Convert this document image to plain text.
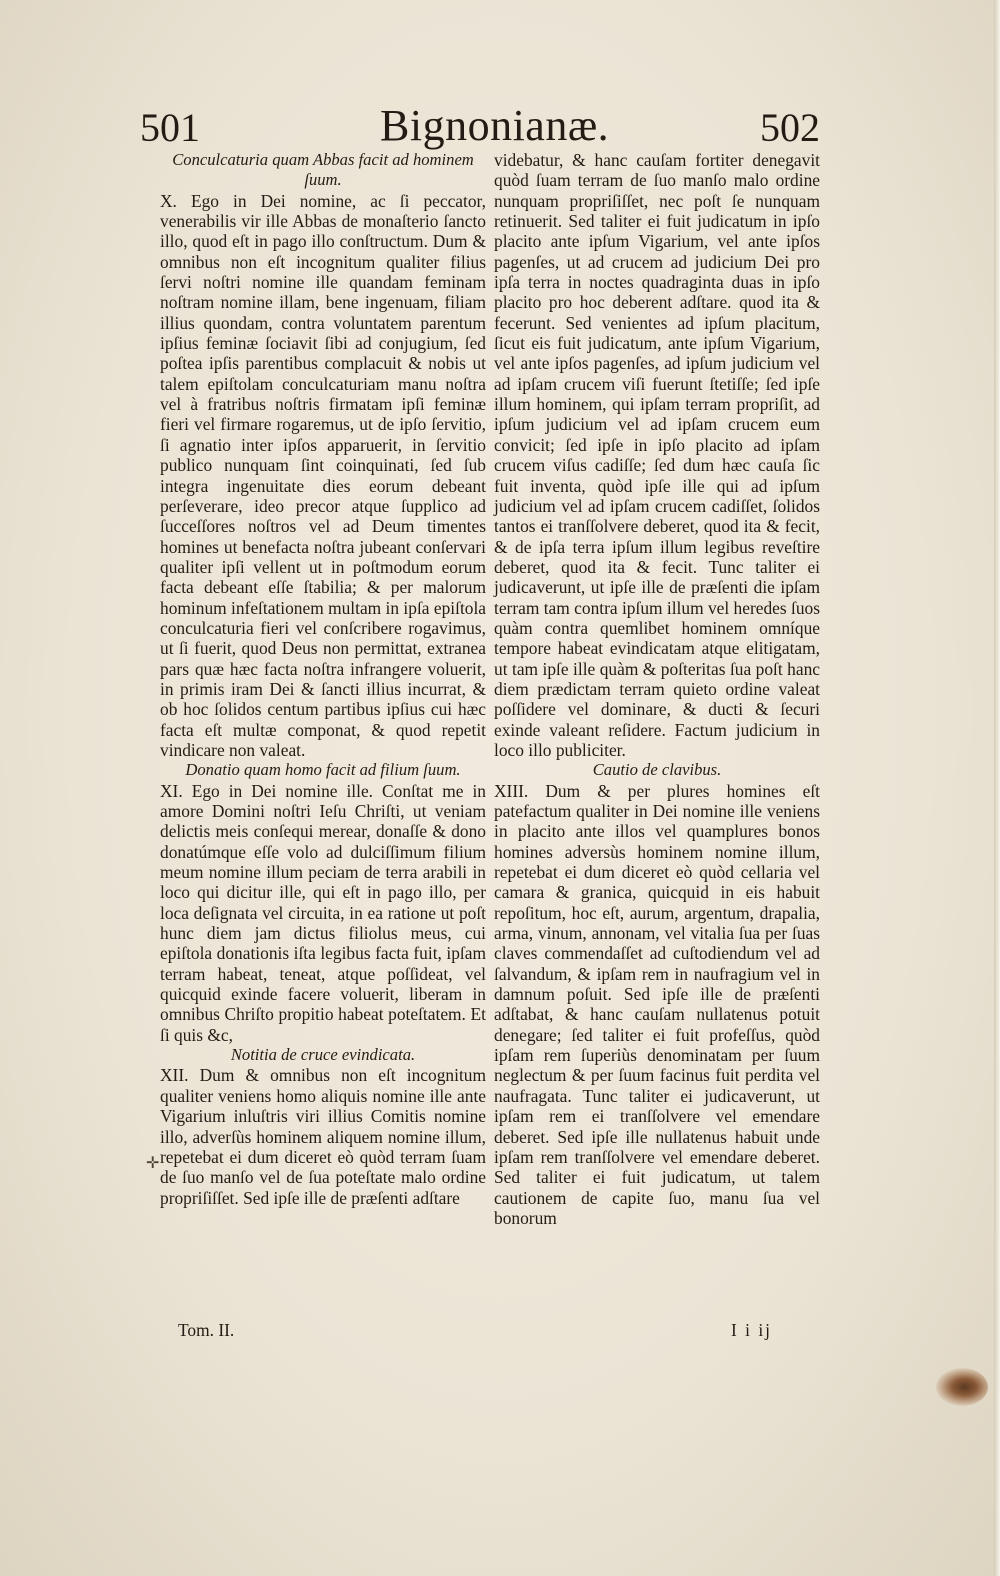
501	Bignonianæ.	502

Conculcaturia quam Abbas facit ad hominem ſuum.

X. Ego in Dei nomine, ac ſi peccator, venerabilis vir ille Abbas de monaſterio ſancto illo, quod eſt in pago illo conſtructum. Dum & omnibus non eſt incognitum qualiter filius ſervi noſtri nomine ille quandam feminam noſtram nomine illam, bene ingenuam, filiam illius quondam, contra voluntatem parentum ipſius feminæ ſociavit ſibi ad conjugium, ſed poſtea ipſis parentibus complacuit & nobis ut talem epiſtolam conculcaturiam manu noſtra vel à fratribus noſtris firmatam ipſi feminæ fieri vel firmare rogaremus, ut de ipſo ſervitio, ſi agnatio inter ipſos apparuerit, in ſervitio publico nunquam ſint coinquinati, ſed ſub integra ingenuitate dies eorum debeant perſeverare, ideo precor atque ſupplico ad ſucceſſores noſtros vel ad Deum timentes homines ut benefacta noſtra jubeant conſervari qualiter ipſi vellent ut in poſtmodum eorum facta debeant eſſe ſtabilia; & per malorum hominum infeſtationem multam in ipſa epiſtola conculcaturia fieri vel conſcribere rogavimus, ut ſi fuerit, quod Deus non permittat, extranea pars quæ hæc facta noſtra infrangere voluerit, in primis iram Dei & ſancti illius incurrat, & ob hoc ſolidos centum partibus ipſius cui hæc facta eſt multæ componat, & quod repetit vindicare non valeat.

Donatio quam homo facit ad filium ſuum.

XI. Ego in Dei nomine ille. Conſtat me in amore Domini noſtri Ieſu Chriſti, ut veniam delictis meis conſequi merear, donaſſe & dono donatúmque eſſe volo ad dulciſſimum filium meum nomine illum peciam de terra arabili in loco qui dicitur ille, qui eſt in pago illo, per loca deſignata vel circuita, in ea ratione ut poſt hunc diem jam dictus filiolus meus, cui epiſtola donationis iſta legibus facta fuit, ipſam terram habeat, teneat, atque poſſideat, vel quicquid exinde facere voluerit, liberam in omnibus Chriſto propitio habeat poteſtatem. Et ſi quis &c,

Notitia de cruce evindicata.

XII. Dum & omnibus non eſt incognitum qualiter veniens homo aliquis nomine ille ante Vigarium inluſtris viri illius Comitis nomine illo, adverſùs hominem aliquem nomine illum, repetebat ei dum diceret eò quòd terram ſuam de ſuo manſo vel de ſua poteſtate malo ordine propriſiſſet. Sed ipſe ille de præſenti adſtare

✛

videbatur, & hanc cauſam fortiter denegavit quòd ſuam terram de ſuo manſo malo ordine nunquam propriſiſſet, nec poſt ſe nunquam retinuerit. Sed taliter ei fuit judicatum in ipſo placito ante ipſum Vigarium, vel ante ipſos pagenſes, ut ad crucem ad judicium Dei pro ipſa terra in noctes quadraginta duas in ipſo placito pro hoc deberent adſtare. quod ita & fecerunt. Sed venientes ad ipſum placitum, ſicut eis fuit judicatum, ante ipſum Vigarium, vel ante ipſos pagenſes, ad ipſum judicium vel ad ipſam crucem viſi fuerunt ſtetiſſe; ſed ipſe illum hominem, qui ipſam terram propriſit, ad ipſum judicium vel ad ipſam crucem eum convicit; ſed ipſe in ipſo placito ad ipſam crucem viſus cadiſſe; ſed dum hæc cauſa ſic fuit inventa, quòd ipſe ille qui ad ipſum judicium vel ad ipſam crucem cadiſſet, ſolidos tantos ei tranſſolvere deberet, quod ita & fecit, & de ipſa terra ipſum illum legibus reveſtire deberet, quod ita & fecit. Tunc taliter ei judicaverunt, ut ipſe ille de præſenti die ipſam terram tam contra ipſum illum vel heredes ſuos quàm contra quemlibet hominem omníque tempore habeat evindicatam atque elitigatam, ut tam ipſe ille quàm & poſteritas ſua poſt hanc diem prædictam terram quieto ordine valeat poſſidere vel dominare, & ducti & ſecuri exinde valeant reſidere. Factum judicium in loco illo publiciter.

Cautio de clavibus.

XIII. Dum & per plures homines eſt patefactum qualiter in Dei nomine ille veniens in placito ante illos vel quamplures bonos homines adversùs hominem nomine illum, repetebat ei dum diceret eò quòd cellaria vel camara & granica, quicquid in eis habuit repoſitum, hoc eſt, aurum, argentum, drapalia, arma, vinum, annonam, vel vitalia ſua per ſuas claves commendaſſet ad cuſtodiendum vel ad ſalvandum, & ipſam rem in naufragium vel in damnum poſuit. Sed ipſe ille de præſenti adſtabat, & hanc cauſam nullatenus potuit denegare; ſed taliter ei fuit profeſſus, quòd ipſam rem ſuperiùs denominatam per ſuum neglectum & per ſuum facinus fuit perdita vel naufragata. Tunc taliter ei judicaverunt, ut ipſam rem ei tranſſolvere vel emendare deberet. Sed ipſe ille nullatenus habuit unde ipſam rem tranſſolvere vel emendare deberet. Sed taliter ei fuit judicatum, ut talem cautionem de capite ſuo, manu ſua vel bonorum

Tom. II.	I i ij
